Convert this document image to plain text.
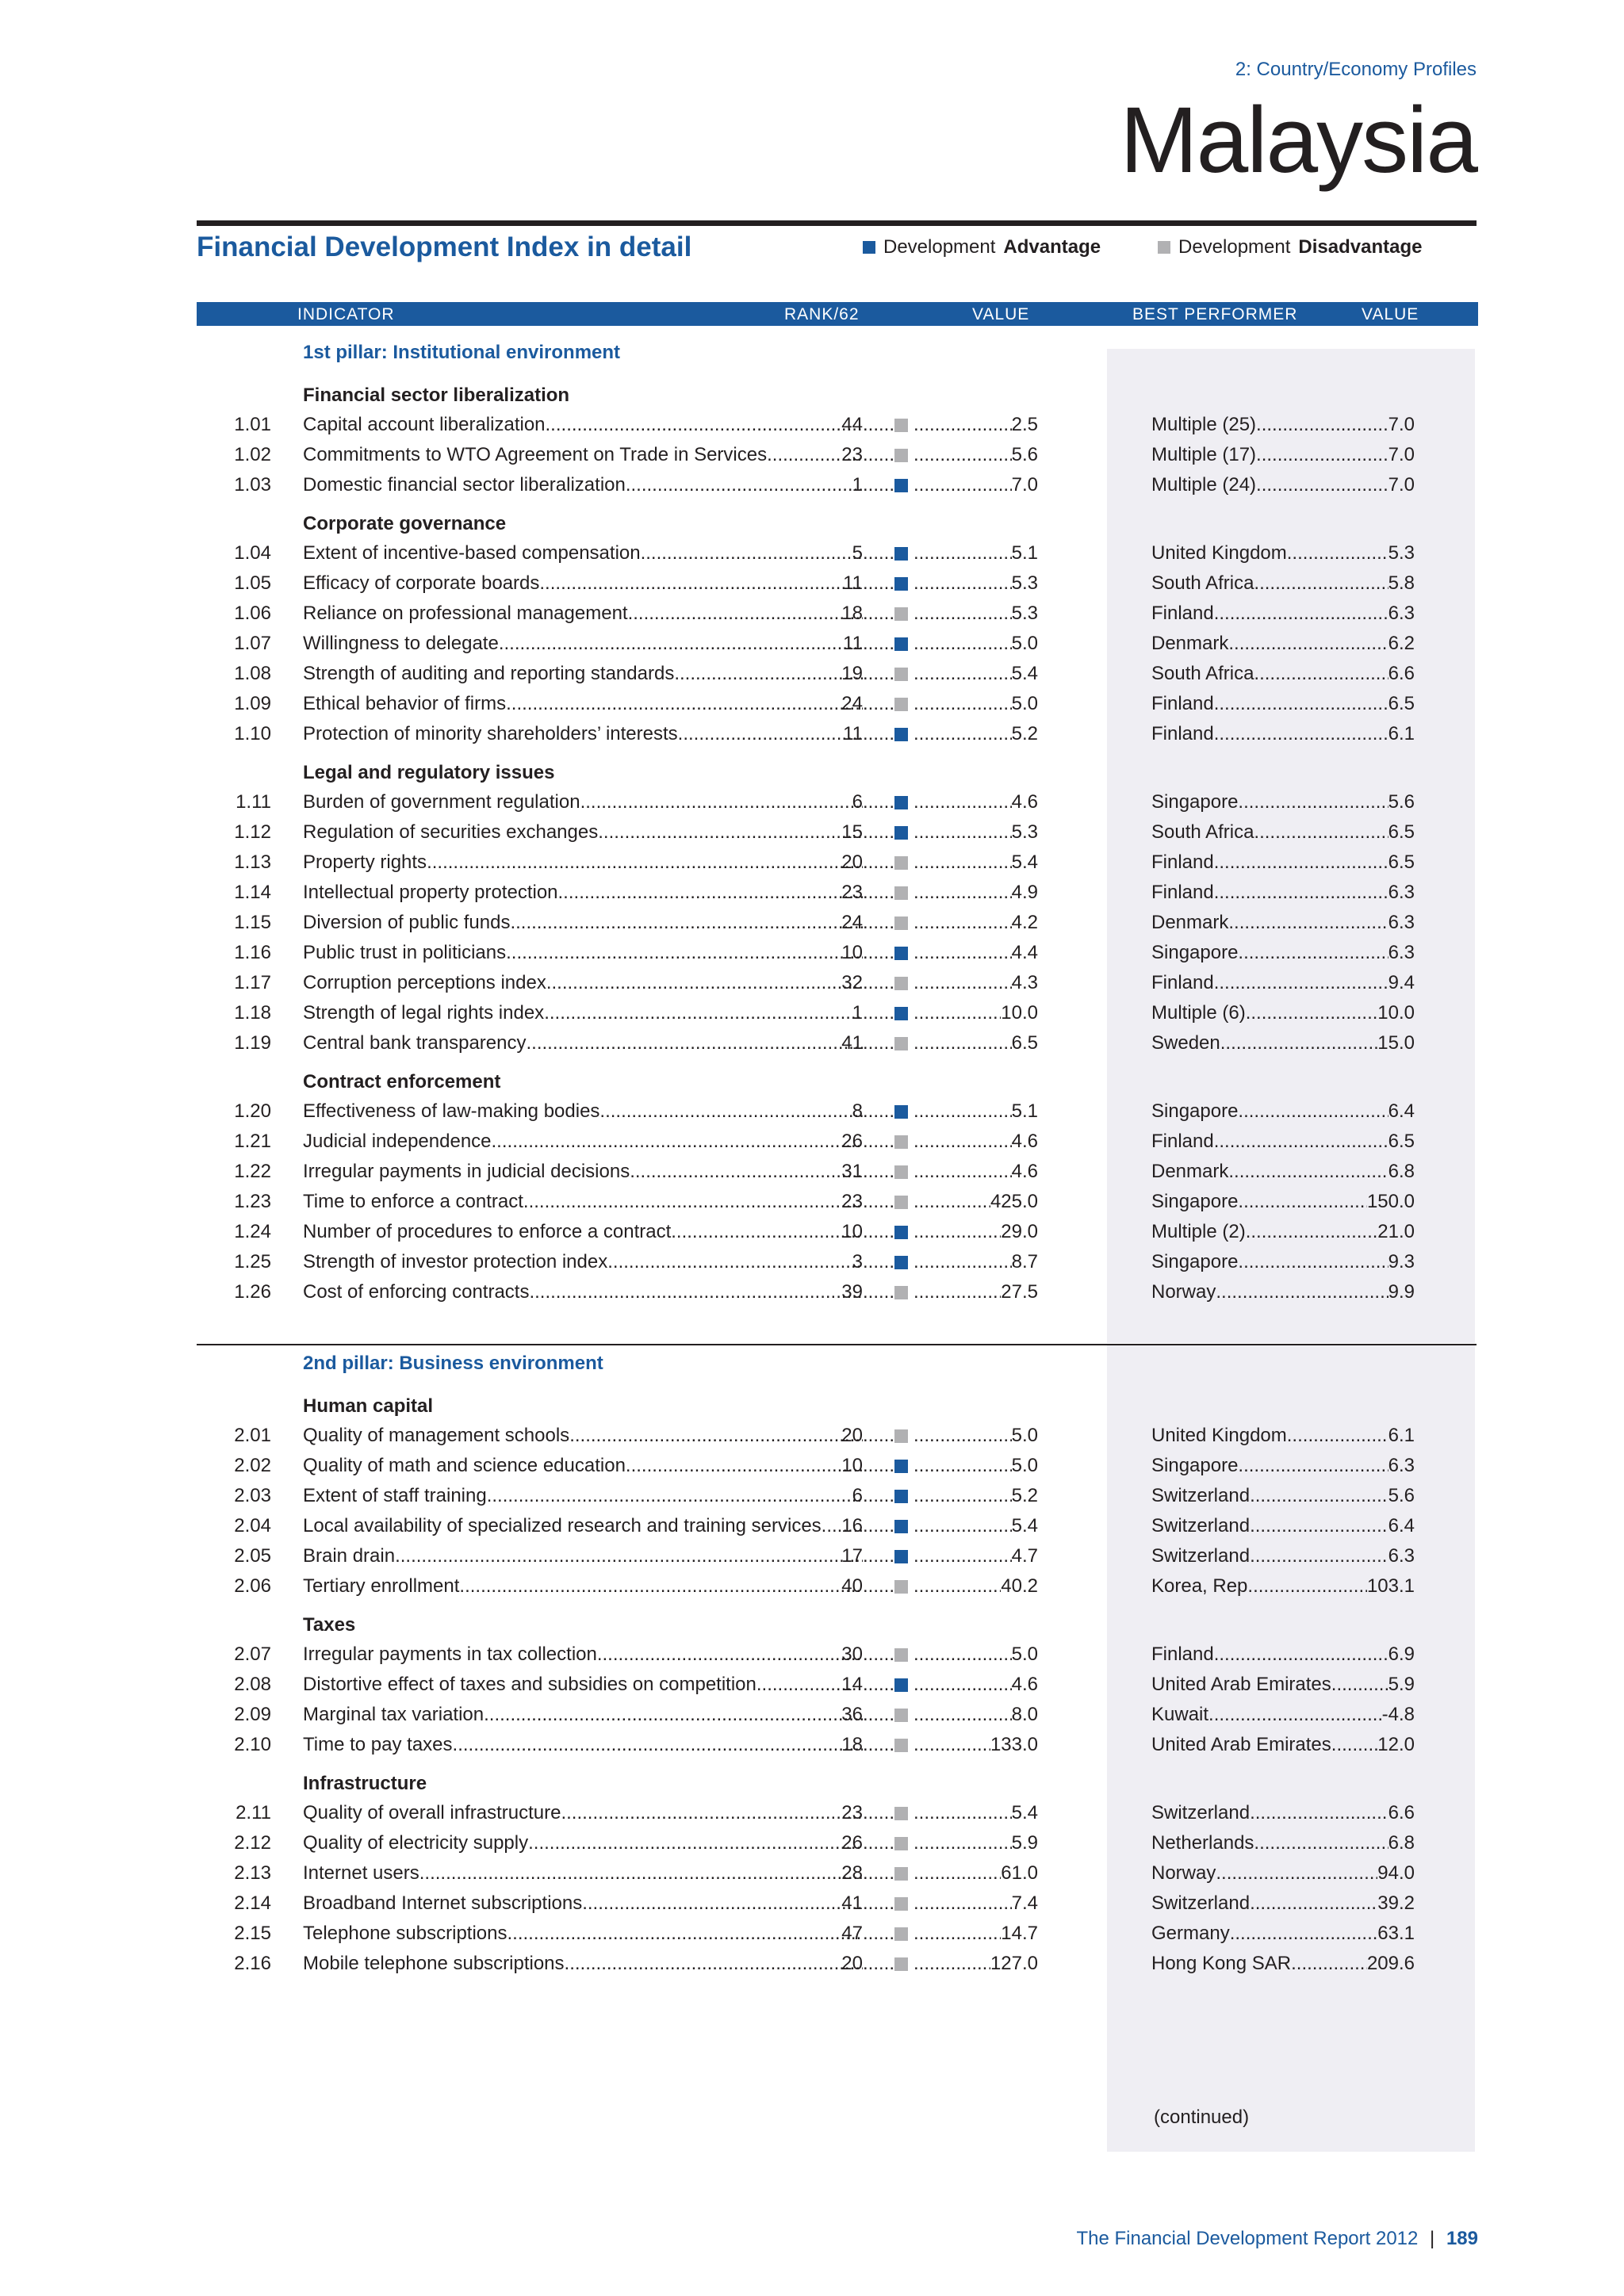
2: Country/Economy Profiles
Malaysia
Financial Development Index in detail	Development Advantage	Development Disadvantage
INDICATOR	RANK/62	VALUE	BEST PERFORMER	VALUE
1st pillar: Institutional environment
Financial sector liberalization
1.01 Capital account liberalization .....	44 ..... .....	2.5	Multiple (25) .....	7.0
1.02 Commitments to WTO Agreement on Trade in Services .....	23 ..... .....	5.6	Multiple (17) .....	7.0
1.03 Domestic financial sector liberalization .....	1 ..... .....	7.0	Multiple (24) .....	7.0
Corporate governance
1.04 Extent of incentive-based compensation .....	5 ..... .....	5.1	United Kingdom .....	5.3
1.05 Efficacy of corporate boards .....	11 ..... .....	5.3	South Africa .....	5.8
1.06 Reliance on professional management .....	18 ..... .....	5.3	Finland .....	6.3
1.07 Willingness to delegate .....	11 ..... .....	5.0	Denmark .....	6.2
1.08 Strength of auditing and reporting standards .....	19 ..... .....	5.4	South Africa .....	6.6
1.09 Ethical behavior of firms .....	24 ..... .....	5.0	Finland .....	6.5
1.10 Protection of minority shareholders’ interests .....	11 ..... .....	5.2	Finland .....	6.1
Legal and regulatory issues
1.11 Burden of government regulation .....	6 ..... .....	4.6	Singapore .....	5.6
1.12 Regulation of securities exchanges .....	15 ..... .....	5.3	South Africa .....	6.5
1.13 Property rights .....	20 ..... .....	5.4	Finland .....	6.5
1.14 Intellectual property protection .....	23 ..... .....	4.9	Finland .....	6.3
1.15 Diversion of public funds .....	24 ..... .....	4.2	Denmark .....	6.3
1.16 Public trust in politicians .....	10 ..... .....	4.4	Singapore .....	6.3
1.17 Corruption perceptions index .....	32 ..... .....	4.3	Finland .....	9.4
1.18 Strength of legal rights index .....	1 ..... .....	10.0	Multiple (6) .....	10.0
1.19 Central bank transparency .....	41 ..... .....	6.5	Sweden .....	15.0
Contract enforcement
1.20 Effectiveness of law-making bodies .....	8 ..... .....	5.1	Singapore .....	6.4
1.21 Judicial independence .....	26 ..... .....	4.6	Finland .....	6.5
1.22 Irregular payments in judicial decisions .....	31 ..... .....	4.6	Denmark .....	6.8
1.23 Time to enforce a contract .....	23 ..... .....	425.0	Singapore .....	150.0
1.24 Number of procedures to enforce a contract .....	10 ..... .....	29.0	Multiple (2) .....	21.0
1.25 Strength of investor protection index .....	3 ..... .....	8.7	Singapore .....	9.3
1.26 Cost of enforcing contracts .....	39 ..... .....	27.5	Norway .....	9.9
2nd pillar: Business environment
Human capital
2.01 Quality of management schools .....	20 ..... .....	5.0	United Kingdom .....	6.1
2.02 Quality of math and science education .....	10 ..... .....	5.0	Singapore .....	6.3
2.03 Extent of staff training .....	6 ..... .....	5.2	Switzerland .....	5.6
2.04 Local availability of specialized research and training services .....	16 ..... .....	5.4	Switzerland .....	6.4
2.05 Brain drain .....	17 ..... .....	4.7	Switzerland .....	6.3
2.06 Tertiary enrollment .....	40 ..... .....	40.2	Korea, Rep. .....	103.1
Taxes
2.07 Irregular payments in tax collection .....	30 ..... .....	5.0	Finland .....	6.9
2.08 Distortive effect of taxes and subsidies on competition .....	14 ..... .....	4.6	United Arab Emirates .....	5.9
2.09 Marginal tax variation .....	36 ..... .....	8.0	Kuwait .....	-4.8
2.10 Time to pay taxes .....	18 ..... .....	133.0	United Arab Emirates ..... 12.0
Infrastructure
2.11 Quality of overall infrastructure .....	23 ..... .....	5.4	Switzerland .....	6.6
2.12 Quality of electricity supply .....	26 ..... .....	5.9	Netherlands .....	6.8
2.13 Internet users .....	28 ..... .....	61.0	Norway .....	94.0
2.14 Broadband Internet subscriptions .....	41 ..... .....	7.4	Switzerland .....	39.2
2.15 Telephone subscriptions .....	47 ..... .....	14.7	Germany .....	63.1
2.16 Mobile telephone subscriptions .....	20 ..... .....	127.0	Hong Kong SAR .....	209.6
(continued)
The Financial Development Report 2012 | 189
